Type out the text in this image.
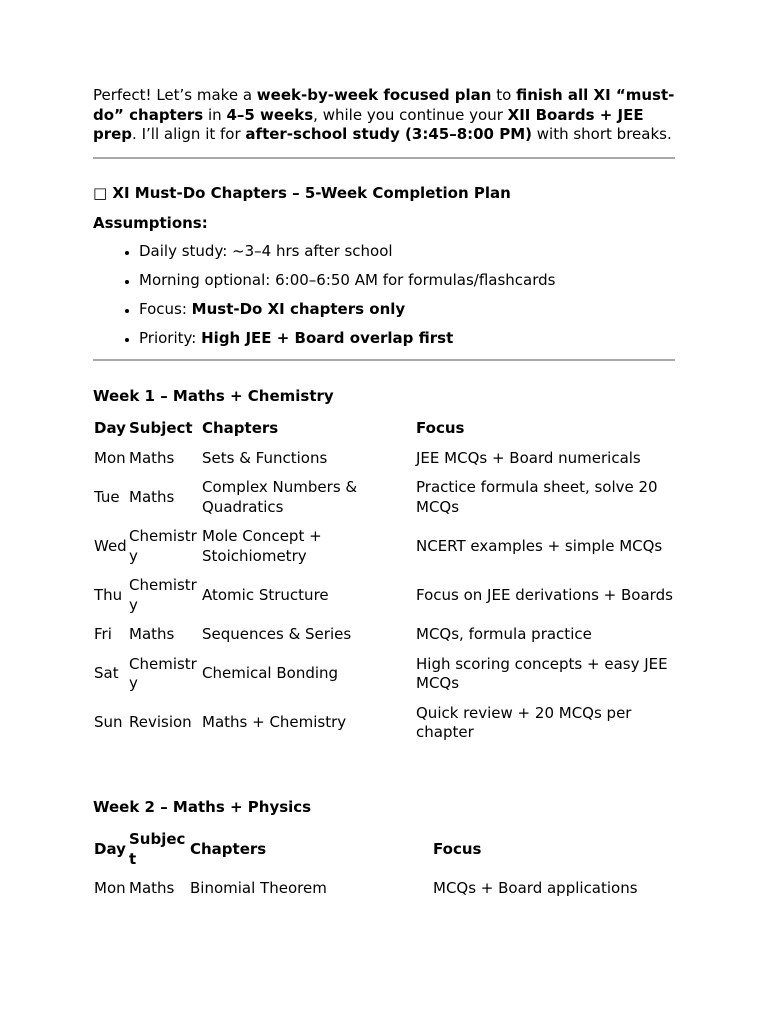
Perfect! Let’s make a week-by-week focused plan to finish all XI “must-do” chapters in 4–5 weeks, while you continue your XII Boards + JEE prep. I’ll align it for after-school study (3:45–8:00 PM) with short breaks.

□ XI Must-Do Chapters – 5-Week Completion Plan

Assumptions:

• Daily study: ~3–4 hrs after school
• Morning optional: 6:00–6:50 AM for formulas/flashcards
• Focus: Must-Do XI chapters only
• Priority: High JEE + Board overlap first

Week 1 – Maths + Chemistry

Day	Subject	Chapters	Focus
Mon	Maths	Sets & Functions	JEE MCQs + Board numericals
Tue	Maths	Complex Numbers & Quadratics	Practice formula sheet, solve 20 MCQs
Wed	Chemistry	Mole Concept + Stoichiometry	NCERT examples + simple MCQs
Thu	Chemistry	Atomic Structure	Focus on JEE derivations + Boards
Fri	Maths	Sequences & Series	MCQs, formula practice
Sat	Chemistry	Chemical Bonding	High scoring concepts + easy JEE MCQs
Sun	Revision	Maths + Chemistry	Quick review + 20 MCQs per chapter

Week 2 – Maths + Physics

Day	Subject	Chapters	Focus
Mon	Maths	Binomial Theorem	MCQs + Board applications
